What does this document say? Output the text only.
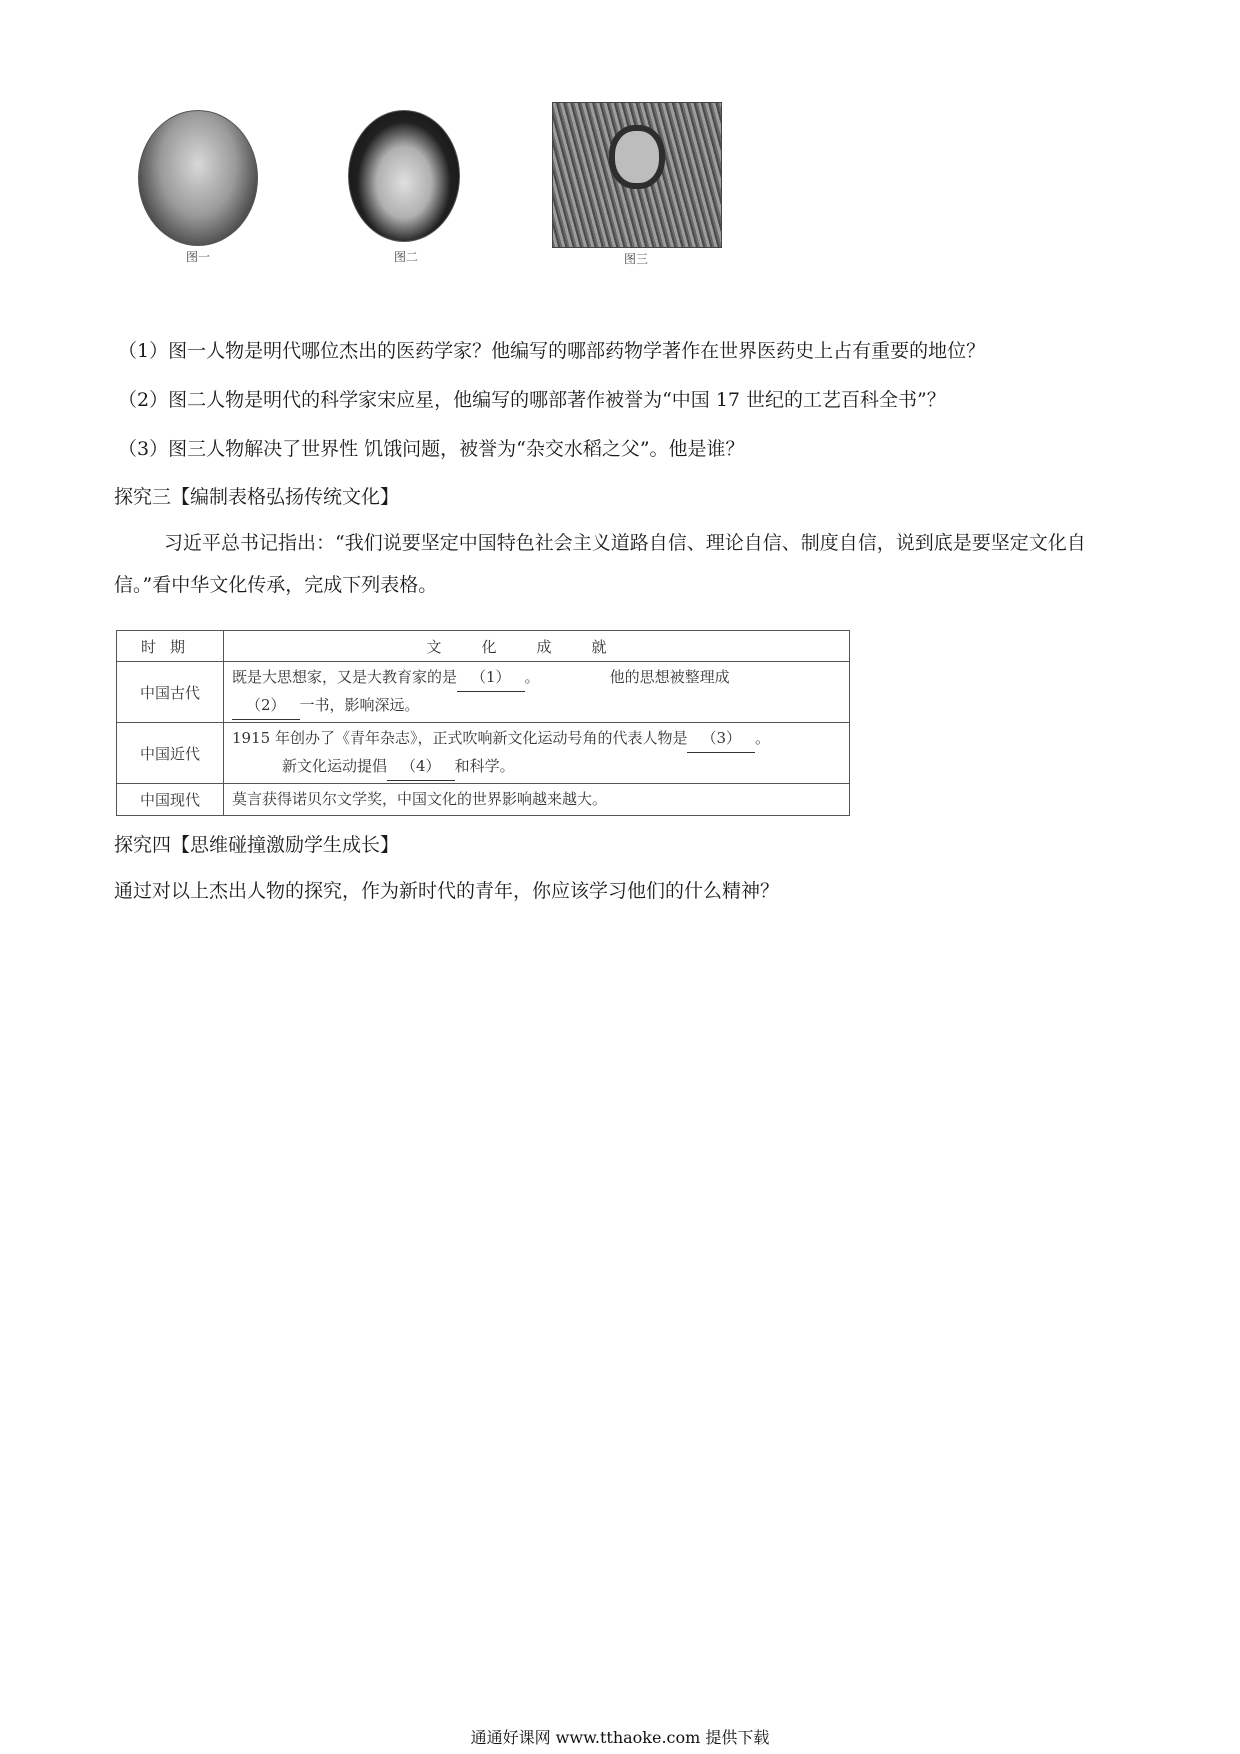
图一	图二	图三
（1）图一人物是明代哪位杰出的医药学家？他编写的哪部药物学著作在世界医药史上占有重要的地位？
（2）图二人物是明代的科学家宋应星，他编写的哪部著作被誉为“中国 17 世纪的工艺百科全书”？
（3）图三人物解决了世界性 饥饿问题，被誉为“杂交水稻之父”。他是谁？
探究三【编制表格弘扬传统文化】
习近平总书记指出：“我们说要坚定中国特色社会主义道路自信、理论自信、制度自信，说到底是要坚定文化自信。”看中华文化传承，完成下列表格。
时期	文化成就
中国古代	既是大思想家，又是大教育家的是 （1） 。 他的思想被整理成
（2） 一书，影响深远。
中国近代	1915 年创办了《青年杂志》，正式吹响新文化运动号角的代表人物是 （3） 。
新文化运动提倡 （4） 和科学。
中国现代	莫言获得诺贝尔文学奖，中国文化的世界影响越来越大。
探究四【思维碰撞激励学生成长】
通过对以上杰出人物的探究，作为新时代的青年，你应该学习他们的什么精神？
通通好课网 www.tthaoke.com 提供下载
